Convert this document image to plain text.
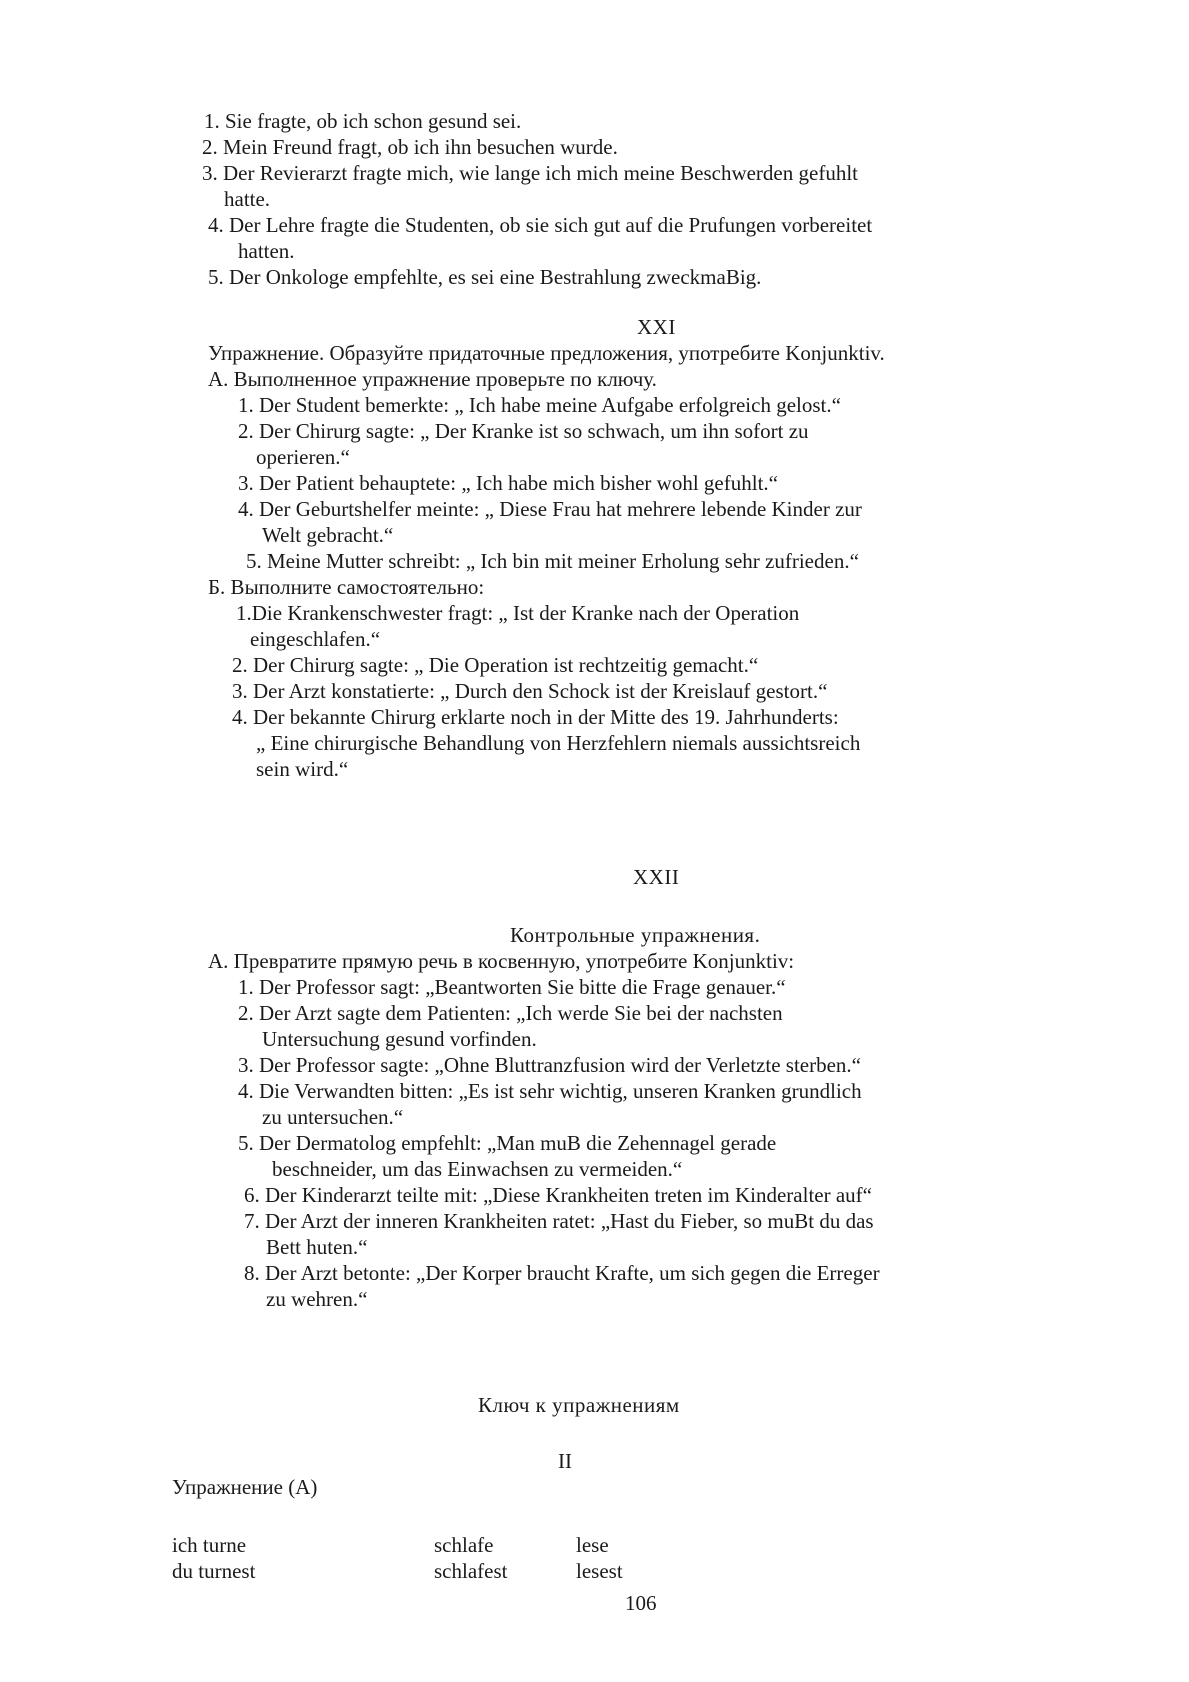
1. Sie fragte, ob ich schon gesund sei.
2. Mein Freund fragt, ob ich ihn besuchen wurde.
3. Der Revierarzt fragte mich, wie lange ich mich meine Beschwerden gefuhlt
hatte.
4. Der Lehre fragte die Studenten, ob sie sich gut auf die Prufungen vorbereitet
hatten.
5. Der Onkologe empfehlte, es sei eine Bestrahlung zweckmaBig.
XXI
Упражнение. Образуйте придаточные предложения, употребите Konjunktiv.
А. Выполненное упражнение проверьте по ключу.
1. Der Student bemerkte: „ Ich habe meine Aufgabe erfolgreich gelost.“
2. Der Chirurg sagte: „ Der Kranke ist so schwach, um ihn sofort zu
operieren.“
3. Der Patient behauptete: „ Ich habe mich bisher wohl gefuhlt.“
4. Der Geburtshelfer meinte: „ Diese Frau hat mehrere lebende Kinder zur
Welt gebracht.“
5. Meine Mutter schreibt: „ Ich bin mit meiner Erholung sehr zufrieden.“
Б. Выполните самостоятельно:
1.Die Krankenschwester fragt: „ Ist der Kranke nach der Operation
eingeschlafen.“
2. Der Chirurg sagte: „ Die Operation ist rechtzeitig gemacht.“
3. Der Arzt konstatierte: „ Durch den Schock ist der Kreislauf gestort.“
4. Der bekannte Chirurg erklarte noch in der Mitte des 19. Jahrhunderts:
„ Eine chirurgische Behandlung von Herzfehlern niemals aussichtsreich
sein wird.“
XXII
Контрольные упражнения.
А. Превратите прямую речь в косвенную, употребите Konjunktiv:
1. Der Professor sagt: „Beantworten Sie bitte die Frage genauer.“
2. Der Arzt sagte dem Patienten: „Ich werde Sie bei der nachsten
Untersuchung gesund vorfinden.
3. Der Professor sagte: „Ohne Bluttranzfusion wird der Verletzte sterben.“
4. Die Verwandten bitten: „Es ist sehr wichtig, unseren Kranken grundlich
zu untersuchen.“
5. Der Dermatolog empfehlt: „Man muB die Zehennagel gerade
beschneider, um das Einwachsen zu vermeiden.“
6. Der Kinderarzt teilte mit: „Diese Krankheiten treten im Kinderalter auf“
7. Der Arzt der inneren Krankheiten ratet: „Hast du Fieber, so muBt du das
Bett huten.“
8. Der Arzt betonte: „Der Korper braucht Krafte, um sich gegen die Erreger
zu wehren.“
Ключ к упражнениям
II
Упражнение (А)
ich turne	schlafe	lese
du turnest	schlafest	lesest
106
